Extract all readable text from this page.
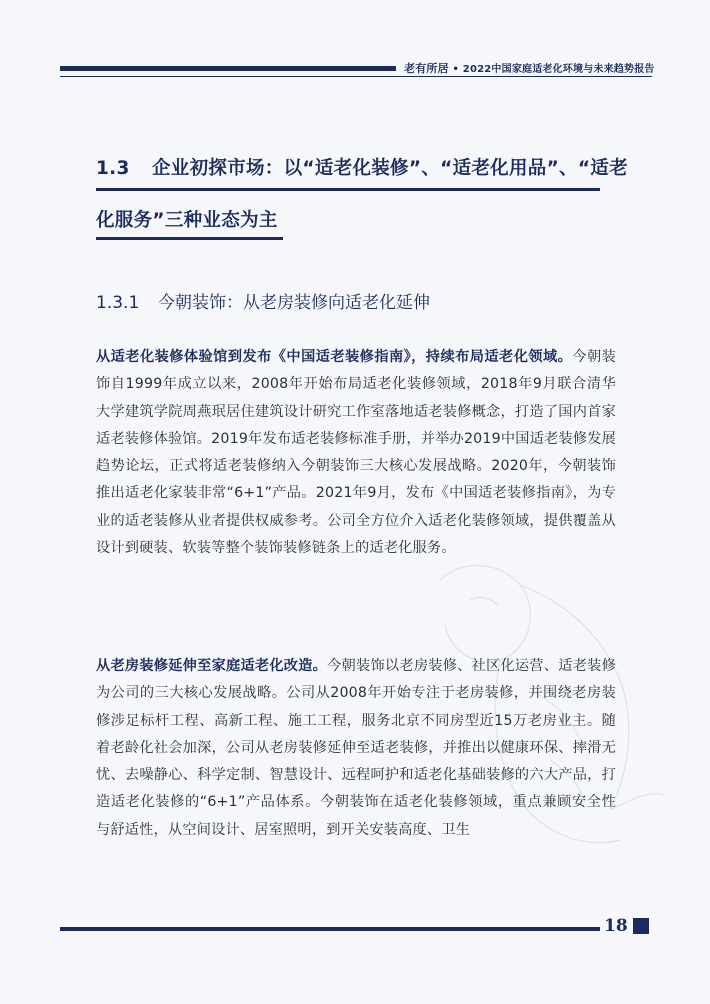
老有所居 • 2022中国家庭适老化环境与未来趋势报告
1.3 企业初探市场：以“适老化装修”、“适老化用品”、“适老
化服务”三种业态为主
1.3.1 今朝装饰：从老房装修向适老化延伸
从适老化装修体验馆到发布《中国适老装修指南》，持续布局适老化领域。今朝装饰自1999年成立以来，2008年开始布局适老化装修领域，2018年9月联合清华大学建筑学院周燕珉居住建筑设计研究工作室落地适老装修概念，打造了国内首家适老装修体验馆。2019年发布适老装修标准手册，并举办2019中国适老装修发展趋势论坛，正式将适老装修纳入今朝装饰三大核心发展战略。2020年，今朝装饰推出适老化家装非常“6+1”产品。2021年9月，发布《中国适老装修指南》，为专业的适老装修从业者提供权威参考。公司全方位介入适老化装修领域，提供覆盖从设计到硬装、软装等整个装饰装修链条上的适老化服务。
从老房装修延伸至家庭适老化改造。今朝装饰以老房装修、社区化运营、适老装修为公司的三大核心发展战略。公司从2008年开始专注于老房装修，并围绕老房装修涉足标杆工程、高新工程、施工工程，服务北京不同房型近15万老房业主。随着老龄化社会加深，公司从老房装修延伸至适老装修，并推出以健康环保、摔滑无忧、去噪静心、科学定制、智慧设计、远程呵护和适老化基础装修的六大产品，打造适老化装修的“6+1”产品体系。今朝装饰在适老化装修领域，重点兼顾安全性与舒适性，从空间设计、居室照明，到开关安装高度、卫生
18
